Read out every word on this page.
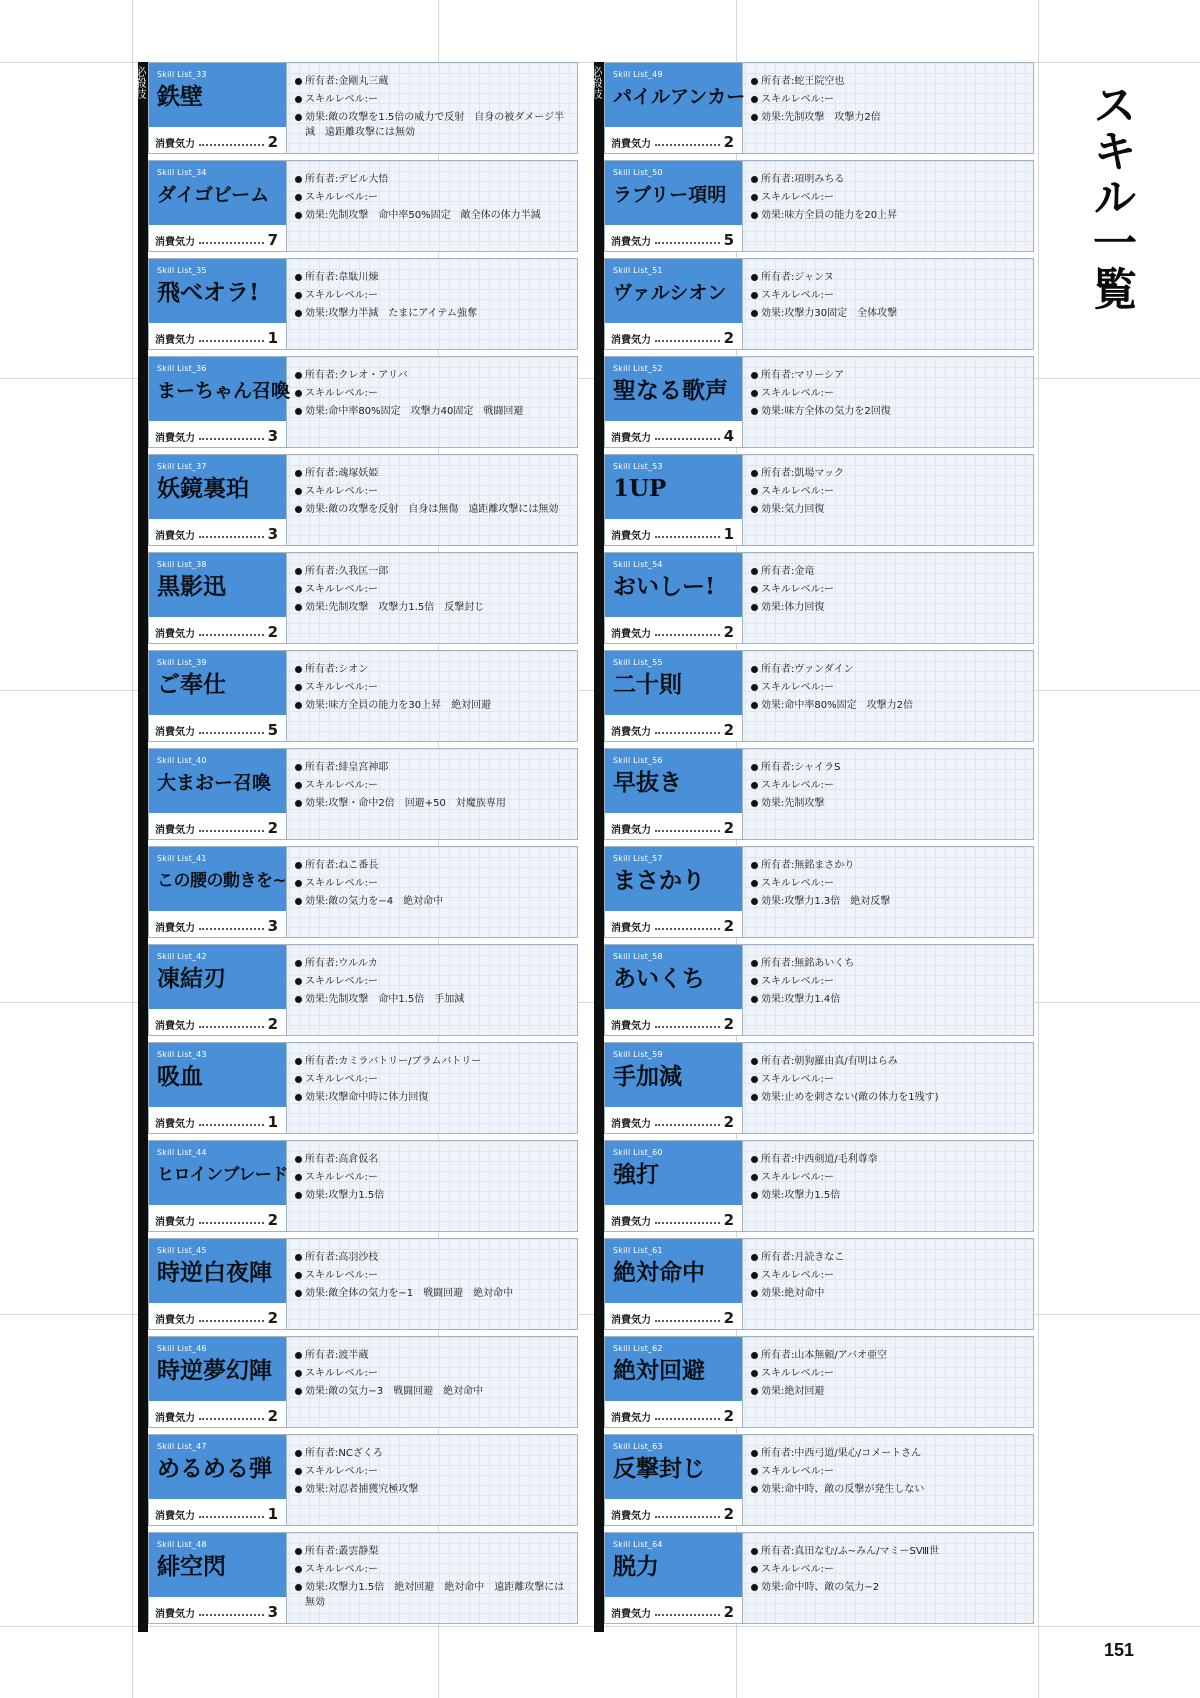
必殺技 Skill List_33
鉄壁
消費気力	2
所有者:金剛丸三蔵
スキルレベル:ー
効果:敵の攻撃を1.5倍の威力で反射　自身の被ダメージ半減　遠距離攻撃には無効
Skill List_34
ダイゴビーム
消費気力	7
所有者:デビル大悟
スキルレベル:ー
効果:先制攻撃　命中率50%固定　敵全体の体力半減
Skill List_35
飛べオラ!
消費気力	1
所有者:韋駄川煉
スキルレベル:ー
効果:攻撃力半減　たまにアイテム強奪
Skill List_36
まーちゃん召喚
消費気力	3
所有者:クレオ・アリバ
スキルレベル:ー
効果:命中率80%固定　攻撃力40固定　戦闘回避
Skill List_37
妖鏡裏珀
消費気力	3
所有者:魂塚妖姫
スキルレベル:ー
効果:敵の攻撃を反射　自身は無傷　遠距離攻撃には無効
Skill List_38
黒影迅
消費気力	2
所有者:久我匡一郎
スキルレベル:ー
効果:先制攻撃　攻撃力1.5倍　反撃封じ
Skill List_39
ご奉仕
消費気力	5
所有者:シオン
スキルレベル:ー
効果:味方全員の能力を30上昇　絶対回避
Skill List_40
大まおー召喚
消費気力	2
所有者:緋皇宮神耶
スキルレベル:ー
効果:攻撃・命中2倍　回避+50　対魔族専用
Skill List_41
この腰の動きを~
消費気力	3
所有者:ねこ番長
スキルレベル:ー
効果:敵の気力を−4　絶対命中
Skill List_42
凍結刃
消費気力	2
所有者:ウルルカ
スキルレベル:ー
効果:先制攻撃　命中1.5倍　手加減
Skill List_43
吸血
消費気力	1
所有者:カミラバトリー/ブラムバトリー
スキルレベル:ー
効果:攻撃命中時に体力回復
Skill List_44
ヒロインブレード
消費気力	2
所有者:高倉仮名
スキルレベル:ー
効果:攻撃力1.5倍
Skill List_45
時逆白夜陣
消費気力	2
所有者:高羽沙枝
スキルレベル:ー
効果:敵全体の気力を−1　戦闘回避　絶対命中
Skill List_46
時逆夢幻陣
消費気力	2
所有者:渡半蔵
スキルレベル:ー
効果:敵の気力−3　戦闘回避　絶対命中
Skill List_47
めるめる弾
消費気力	1
所有者:NCざくろ
スキルレベル:ー
効果:対忍者捕獲究極攻撃
Skill List_48
緋空閃
消費気力	3
所有者:叢雲静梨
スキルレベル:ー
効果:攻撃力1.5倍　絶対回避　絶対命中　遠距離攻撃には無効
必殺技 Skill List_49
パイルアンカー
消費気力	2
所有者:蛇王院空也
スキルレベル:ー
効果:先制攻撃　攻撃力2倍
Skill List_50
ラブリー項明
消費気力	5
所有者:項明みちる
スキルレベル:ー
効果:味方全員の能力を20上昇
Skill List_51
ヴァルシオン
消費気力	2
所有者:ジャンヌ
スキルレベル:ー
効果:攻撃力30固定　全体攻撃
Skill List_52
聖なる歌声
消費気力	4
所有者:マリーシア
スキルレベル:ー
効果:味方全体の気力を2回復
Skill List_53
1UP
消費気力	1
所有者:凱場マック
スキルレベル:ー
効果:気力回復
Skill List_54
おいしー!
消費気力	2
所有者:金竜
スキルレベル:ー
効果:体力回復
Skill List_55
二十則
消費気力	2
所有者:ヴァンダイン
スキルレベル:ー
効果:命中率80%固定　攻撃力2倍
Skill List_56
早抜き
消費気力	2
所有者:シャイラS
スキルレベル:ー
効果:先制攻撃
Skill List_57
まさかり
消費気力	2
所有者:無銘まさかり
スキルレベル:ー
効果:攻撃力1.3倍　絶対反撃
Skill List_58
あいくち
消費気力	2
所有者:無銘あいくち
スキルレベル:ー
効果:攻撃力1.4倍
Skill List_59
手加減
消費気力	2
所有者:朝狗羅由真/有明はらみ
スキルレベル:ー
効果:止めを刺さない(敵の体力を1残す)
Skill List_60
強打
消費気力	2
所有者:中西剣道/毛利尊拳
スキルレベル:ー
効果:攻撃力1.5倍
Skill List_61
絶対命中
消費気力	2
所有者:月読きなこ
スキルレベル:ー
効果:絶対命中
Skill List_62
絶対回避
消費気力	2
所有者:山本無頼/アバオ亜空
スキルレベル:ー
効果:絶対回避
Skill List_63
反撃封じ
消費気力	2
所有者:中西弓道/果心/コメートさん
スキルレベル:ー
効果:命中時、敵の反撃が発生しない
Skill List_64
脱力
消費気力	2
所有者:真田なむ/ふ~みん/マミーSⅧ世
スキルレベル:ー
効果:命中時、敵の気力−2
スキル一覧
151
